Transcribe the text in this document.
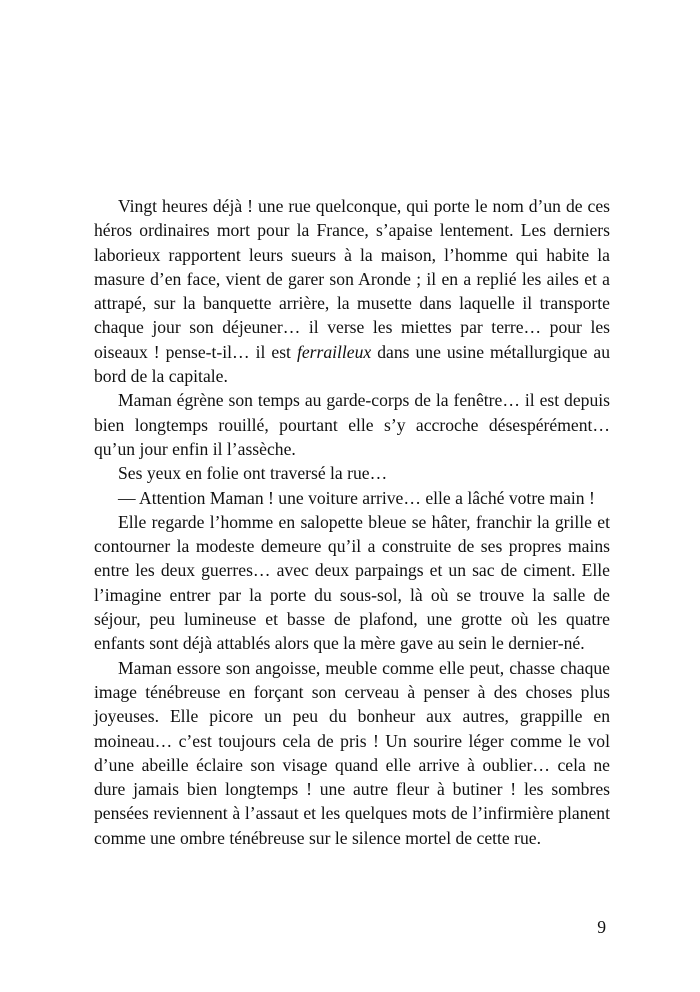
Vingt heures déjà ! une rue quelconque, qui porte le nom d’un de ces héros ordinaires mort pour la France, s’apaise lentement. Les derniers laborieux rapportent leurs sueurs à la maison, l’homme qui habite la masure d’en face, vient de garer son Aronde ; il en a replié les ailes et a attrapé, sur la banquette arrière, la musette dans laquelle il transporte chaque jour son déjeuner… il verse les miettes par terre… pour les oiseaux ! pense-t-il… il est ferrailleux dans une usine métallurgique au bord de la capitale.

Maman égrène son temps au garde-corps de la fenêtre… il est depuis bien longtemps rouillé, pourtant elle s’y accroche désespérément… qu’un jour enfin il l’assèche.

Ses yeux en folie ont traversé la rue…

— Attention Maman ! une voiture arrive… elle a lâché votre main !

Elle regarde l’homme en salopette bleue se hâter, franchir la grille et contourner la modeste demeure qu’il a construite de ses propres mains entre les deux guerres… avec deux parpaings et un sac de ciment. Elle l’imagine entrer par la porte du sous-sol, là où se trouve la salle de séjour, peu lumineuse et basse de plafond, une grotte où les quatre enfants sont déjà attablés alors que la mère gave au sein le dernier-né.

Maman essore son angoisse, meuble comme elle peut, chasse chaque image ténébreuse en forçant son cerveau à penser à des choses plus joyeuses. Elle picore un peu du bonheur aux autres, grappille en moineau… c’est toujours cela de pris ! Un sourire léger comme le vol d’une abeille éclaire son visage quand elle arrive à oublier… cela ne dure jamais bien longtemps ! une autre fleur à butiner ! les sombres pensées reviennent à l’assaut et les quelques mots de l’infirmière planent comme une ombre ténébreuse sur le silence mortel de cette rue.

9
